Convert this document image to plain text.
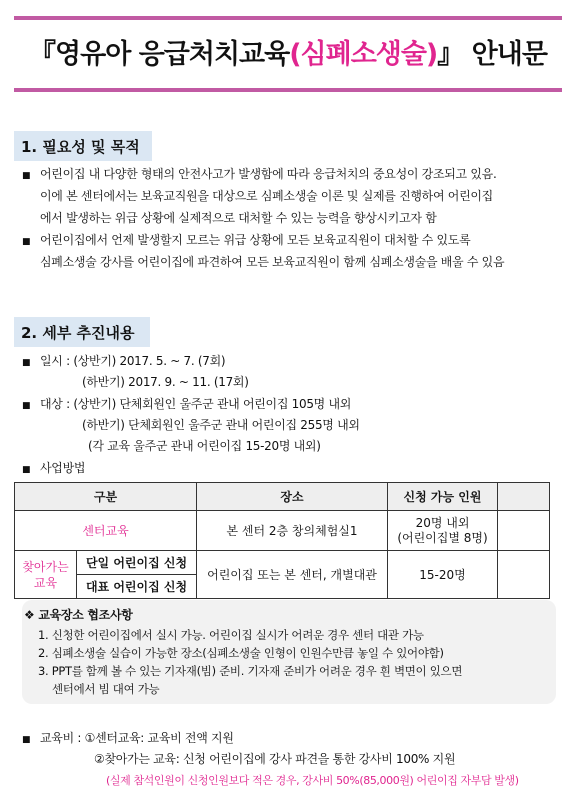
『영유아 응급처치교육(심폐소생술)』 안내문
1. 필요성 및 목적
■ 어린이집 내 다양한 형태의 안전사고가 발생함에 따라 응급처치의 중요성이 강조되고 있음.
이에 본 센터에서는 보육교직원을 대상으로 심폐소생술 이론 및 실제를 진행하여 어린이집
에서 발생하는 위급 상황에 실제적으로 대처할 수 있는 능력을 향상시키고자 함
■ 어린이집에서 언제 발생할지 모르는 위급 상황에 모든 보육교직원이 대처할 수 있도록
심폐소생술 강사를 어린이집에 파견하여 모든 보육교직원이 함께 심폐소생술을 배울 수 있음
2. 세부 추진내용
■ 일시 : (상반기) 2017. 5. ~ 7. (7회)
(하반기) 2017. 9. ~ 11. (17회)
■ 대상 : (상반기) 단체회원인 울주군 관내 어린이집 105명 내외
(하반기) 단체회원인 울주군 관내 어린이집 255명 내외
(각 교육 울주군 관내 어린이집 15-20명 내외)
■ 사업방법
구분		장소	신청 가능 인원	
센터교육		본 센터 2층 창의체험실1	20명 내외
(어린이집별 8명)	

찾아가는
교육	단일 어린이집 신청	어린이집 또는 본 센터, 개별대관	15-20명	
	대표 어린이집 신청			
❖ 교육장소 협조사항
1. 신청한 어린이집에서 실시 가능. 어린이집 실시가 어려운 경우 센터 대관 가능
2. 심폐소생술 실습이 가능한 장소(심폐소생술 인형이 인원수만큼 놓일 수 있어야함)
3. PPT를 함께 볼 수 있는 기자재(빔) 준비. 기자재 준비가 어려운 경우 흰 벽면이 있으면
센터에서 빔 대여 가능
■ 교육비 : ①센터교육: 교육비 전액 지원
②찾아가는 교육: 신청 어린이집에 강사 파견을 통한 강사비 100% 지원
(실제 참석인원이 신청인원보다 적은 경우, 강사비 50%(85,000원) 어린이집 자부담 발생)
